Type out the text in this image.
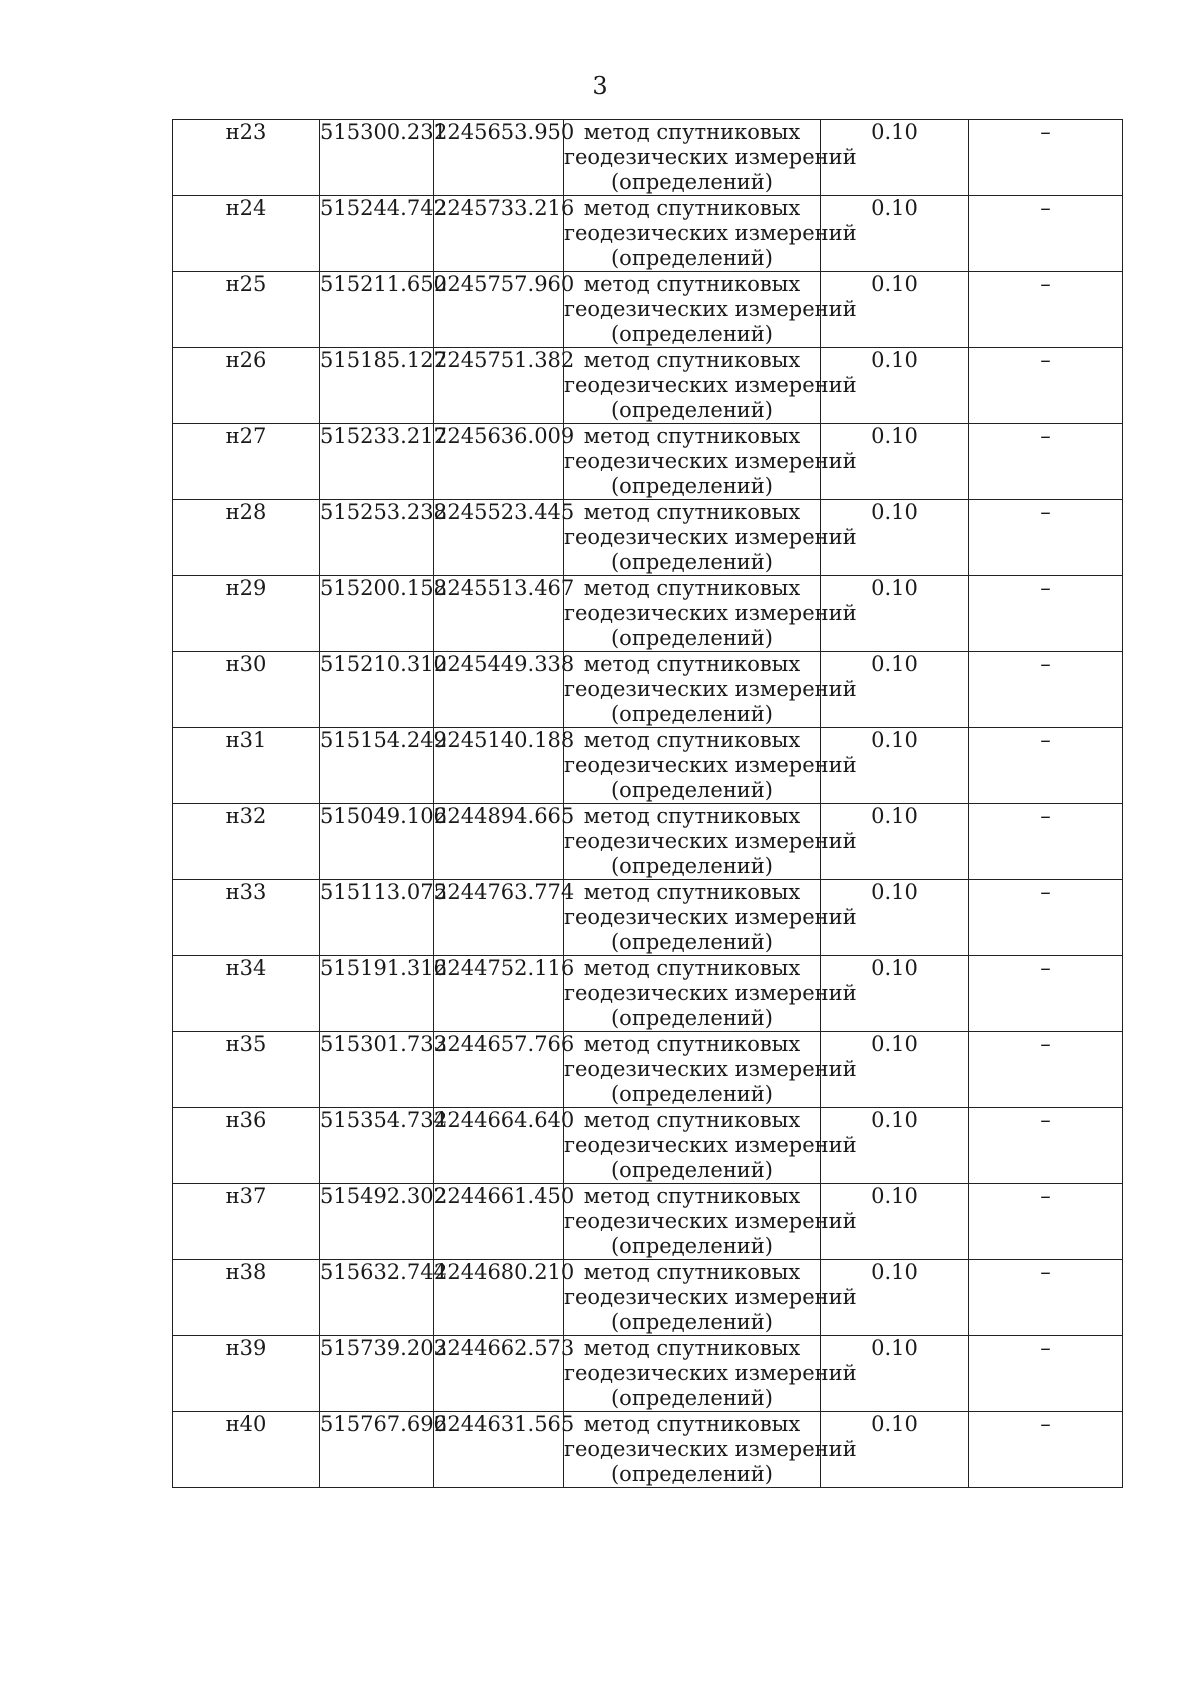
3
н23	515300.231	2245653.950	метод спутниковых
геодезических измерений
(определений)	0.10	–
н24	515244.742	2245733.216	метод спутниковых
геодезических измерений
(определений)	0.10	–
н25	515211.650	2245757.960	метод спутниковых
геодезических измерений
(определений)	0.10	–
н26	515185.127	2245751.382	метод спутниковых
геодезических измерений
(определений)	0.10	–
н27	515233.217	2245636.009	метод спутниковых
геодезических измерений
(определений)	0.10	–
н28	515253.238	2245523.445	метод спутниковых
геодезических измерений
(определений)	0.10	–
н29	515200.158	2245513.467	метод спутниковых
геодезических измерений
(определений)	0.10	–
н30	515210.310	2245449.338	метод спутниковых
геодезических измерений
(определений)	0.10	–
н31	515154.249	2245140.188	метод спутниковых
геодезических измерений
(определений)	0.10	–
н32	515049.106	2244894.665	метод спутниковых
геодезических измерений
(определений)	0.10	–
н33	515113.075	2244763.774	метод спутниковых
геодезических измерений
(определений)	0.10	–
н34	515191.316	2244752.116	метод спутниковых
геодезических измерений
(определений)	0.10	–
н35	515301.733	2244657.766	метод спутниковых
геодезических измерений
(определений)	0.10	–
н36	515354.734	2244664.640	метод спутниковых
геодезических измерений
(определений)	0.10	–
н37	515492.302	2244661.450	метод спутниковых
геодезических измерений
(определений)	0.10	–
н38	515632.744	2244680.210	метод спутниковых
геодезических измерений
(определений)	0.10	–
н39	515739.203	2244662.573	метод спутниковых
геодезических измерений
(определений)	0.10	–
н40	515767.696	2244631.565	метод спутниковых
геодезических измерений
(определений)	0.10	–
